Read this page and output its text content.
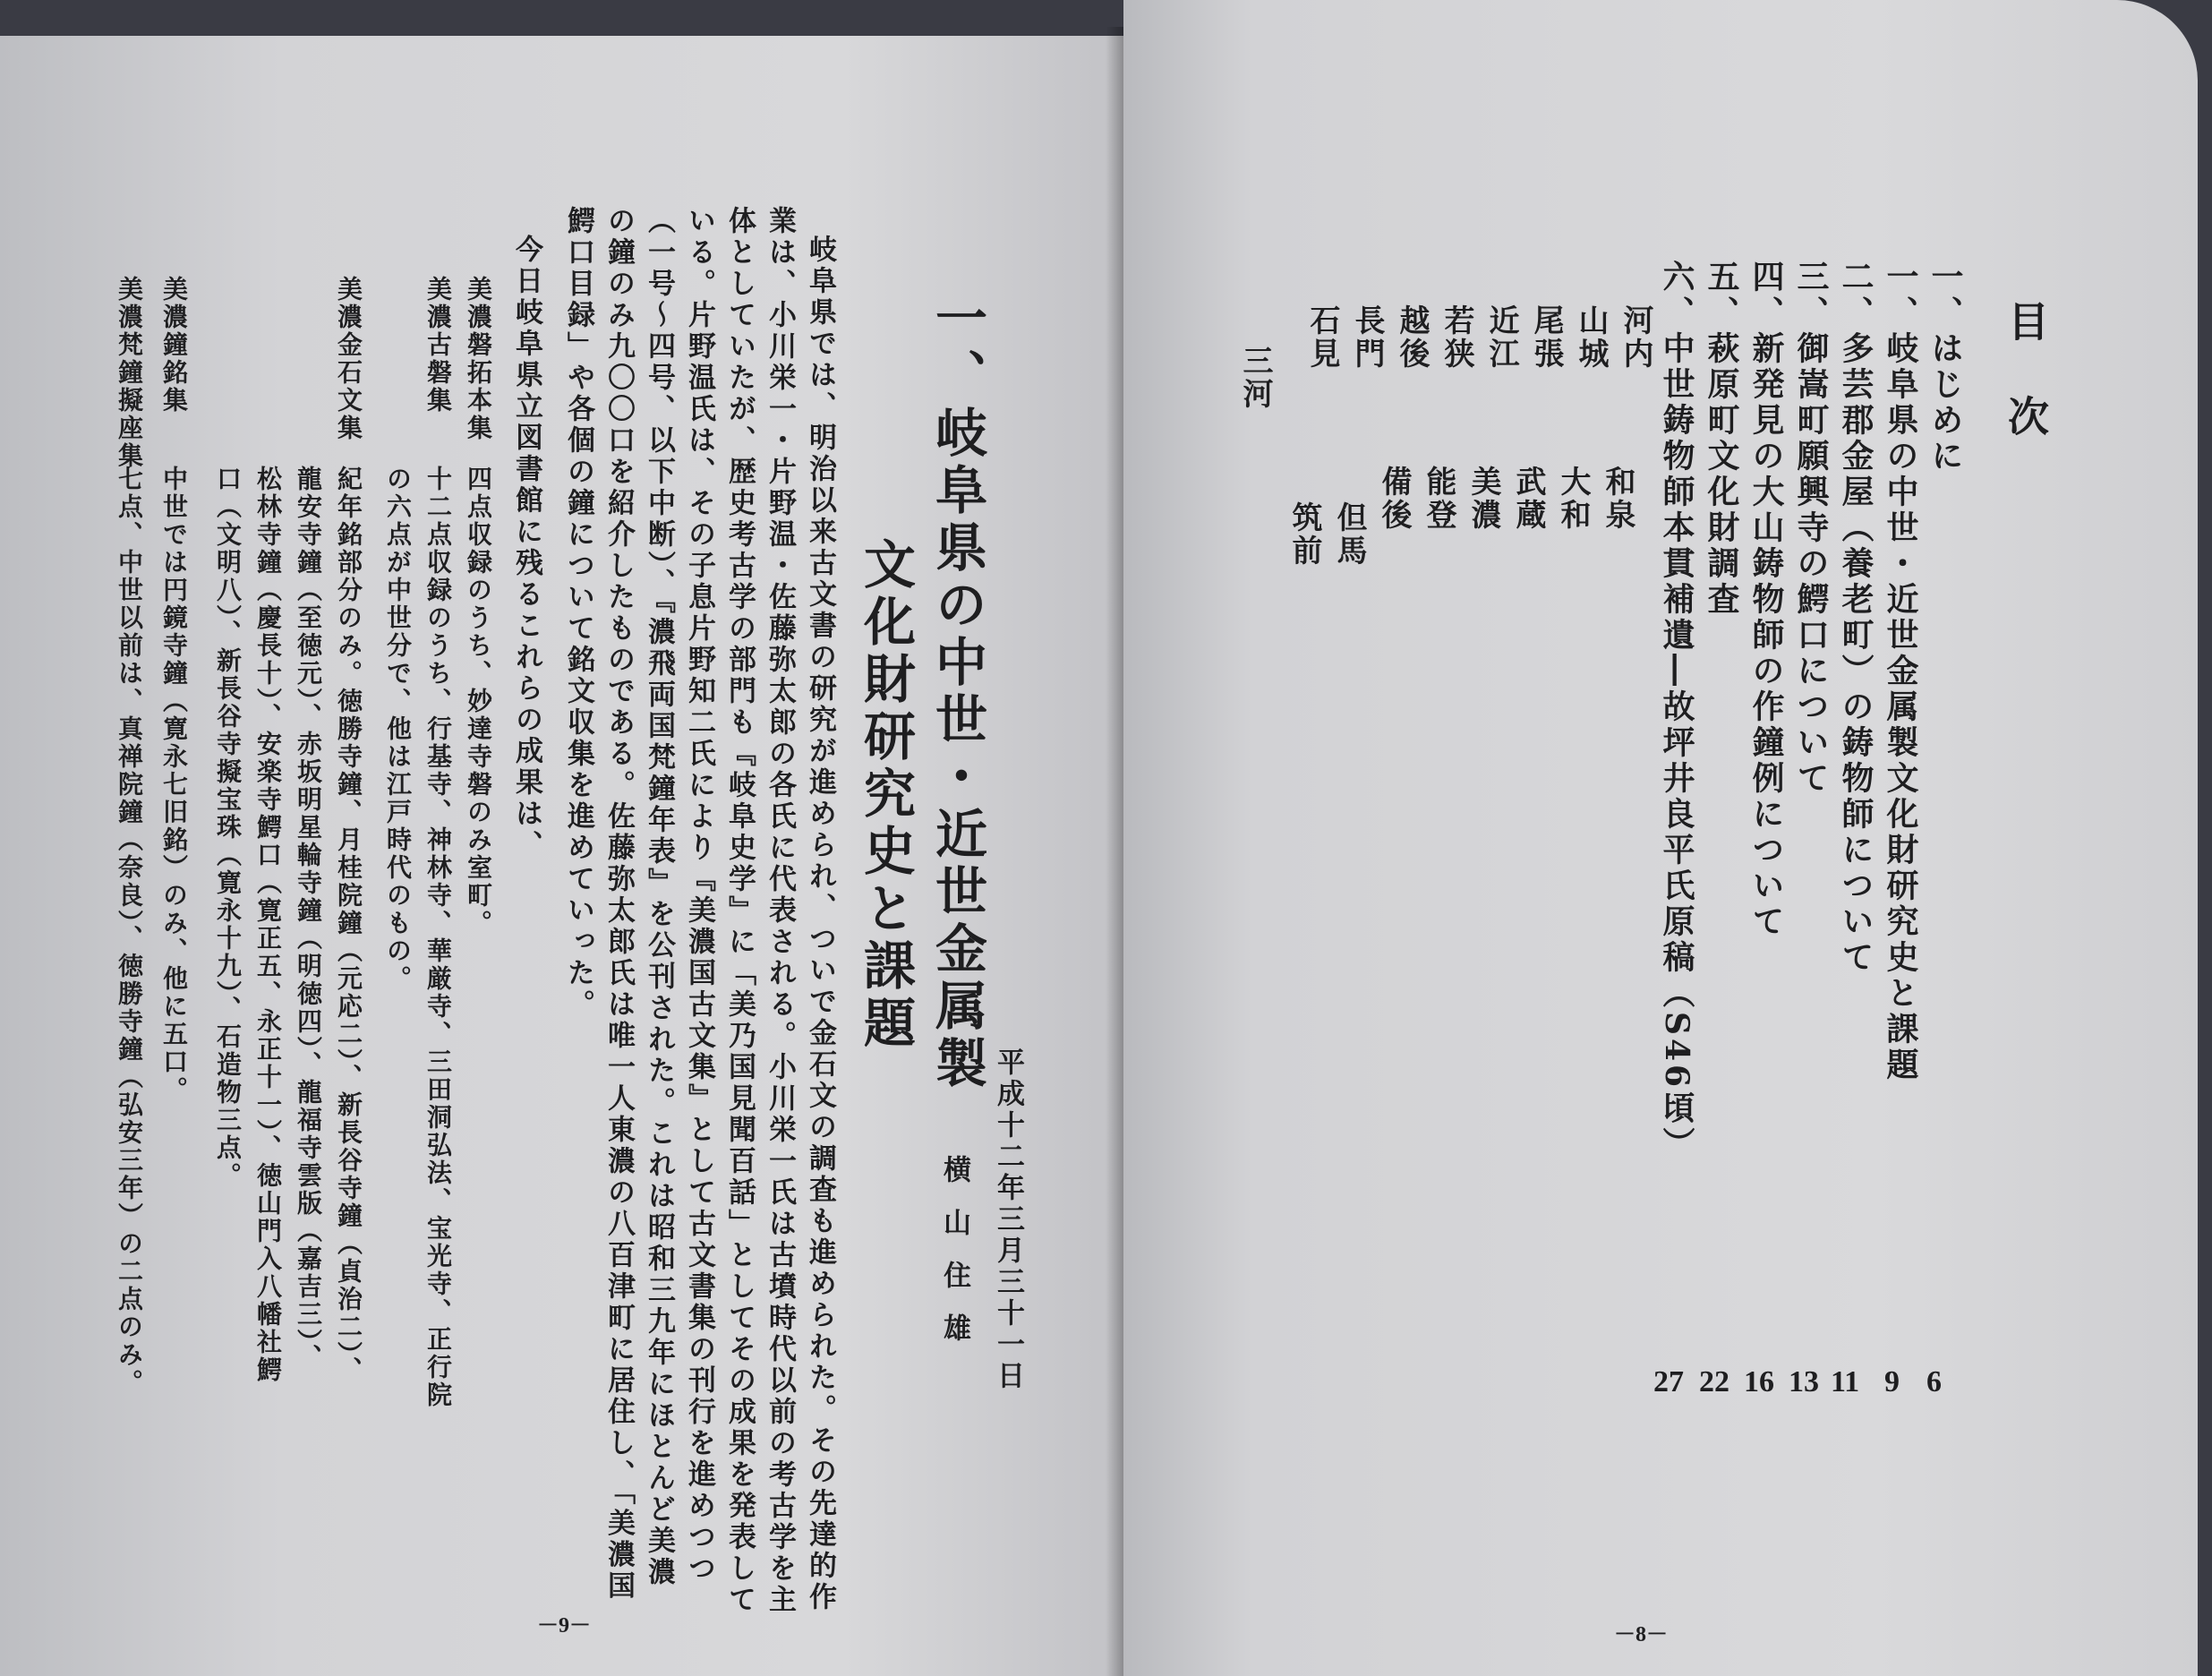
一、岐阜県の中世・近世金属製
文化財研究史と課題
平成十二年三月三十一日
横山住雄
岐阜県では、明治以来古文書の研究が進められ、ついで金石文の調査も進められた。その先達的作
業は、小川栄一・片野温・佐藤弥太郎の各氏に代表される。小川栄一氏は古墳時代以前の考古学を主
体としていたが、歴史考古学の部門も『岐阜史学』に「美乃国見聞百話」としてその成果を発表して
いる。片野温氏は、その子息片野知二氏により『美濃国古文集』として古文書集の刊行を進めつつ
（一号～四号、以下中断）、『濃飛両国梵鐘年表』を公刊された。これは昭和三九年にほとんど美濃
の鐘のみ九〇〇口を紹介したものである。佐藤弥太郎氏は唯一人東濃の八百津町に居住し、「美濃国
鰐口目録」や各個の鐘について銘文収集を進めていった。
今日岐阜県立図書館に残るこれらの成果は、
美濃磐拓本集
四点収録のうち、妙達寺磐のみ室町。
美濃古磐集
十二点収録のうち、行基寺、神林寺、華厳寺、三田洞弘法、宝光寺、正行院
の六点が中世分で、他は江戸時代のもの。
美濃金石文集
紀年銘部分のみ。徳勝寺鐘、月桂院鐘（元応二）、新長谷寺鐘（貞治二）、
龍安寺鐘（至徳元）、赤坂明星輪寺鐘（明徳四）、龍福寺雲版（嘉吉三）、
松林寺鐘（慶長十）、安楽寺鰐口（寛正五、永正十一）、徳山門入八幡社鰐
口（文明八）、新長谷寺擬宝珠（寛永十九）、石造物三点。
美濃鐘銘集
中世では円鏡寺鐘（寛永七旧銘）のみ、他に五口。
美濃梵鐘擬座集
七点、中世以前は、真禅院鐘（奈良）、徳勝寺鐘（弘安三年）の二点のみ。
－9－
目次
一、はじめに
一、岐阜県の中世・近世金属製文化財研究史と課題
二、多芸郡金屋（養老町）の鋳物師について
三、御嵩町願興寺の鰐口について
四、新発見の大山鋳物師の作鐘例について
五、萩原町文化財調査
六、中世鋳物師本貫補遺―故坪井良平氏原稿（S46頃）
河内
和泉
山城
大和
尾張
武蔵
近江
美濃
若狭
能登
越後
備後
長門
但馬
石見
筑前
三河
6
9
11
13
16
22
27
－8－
